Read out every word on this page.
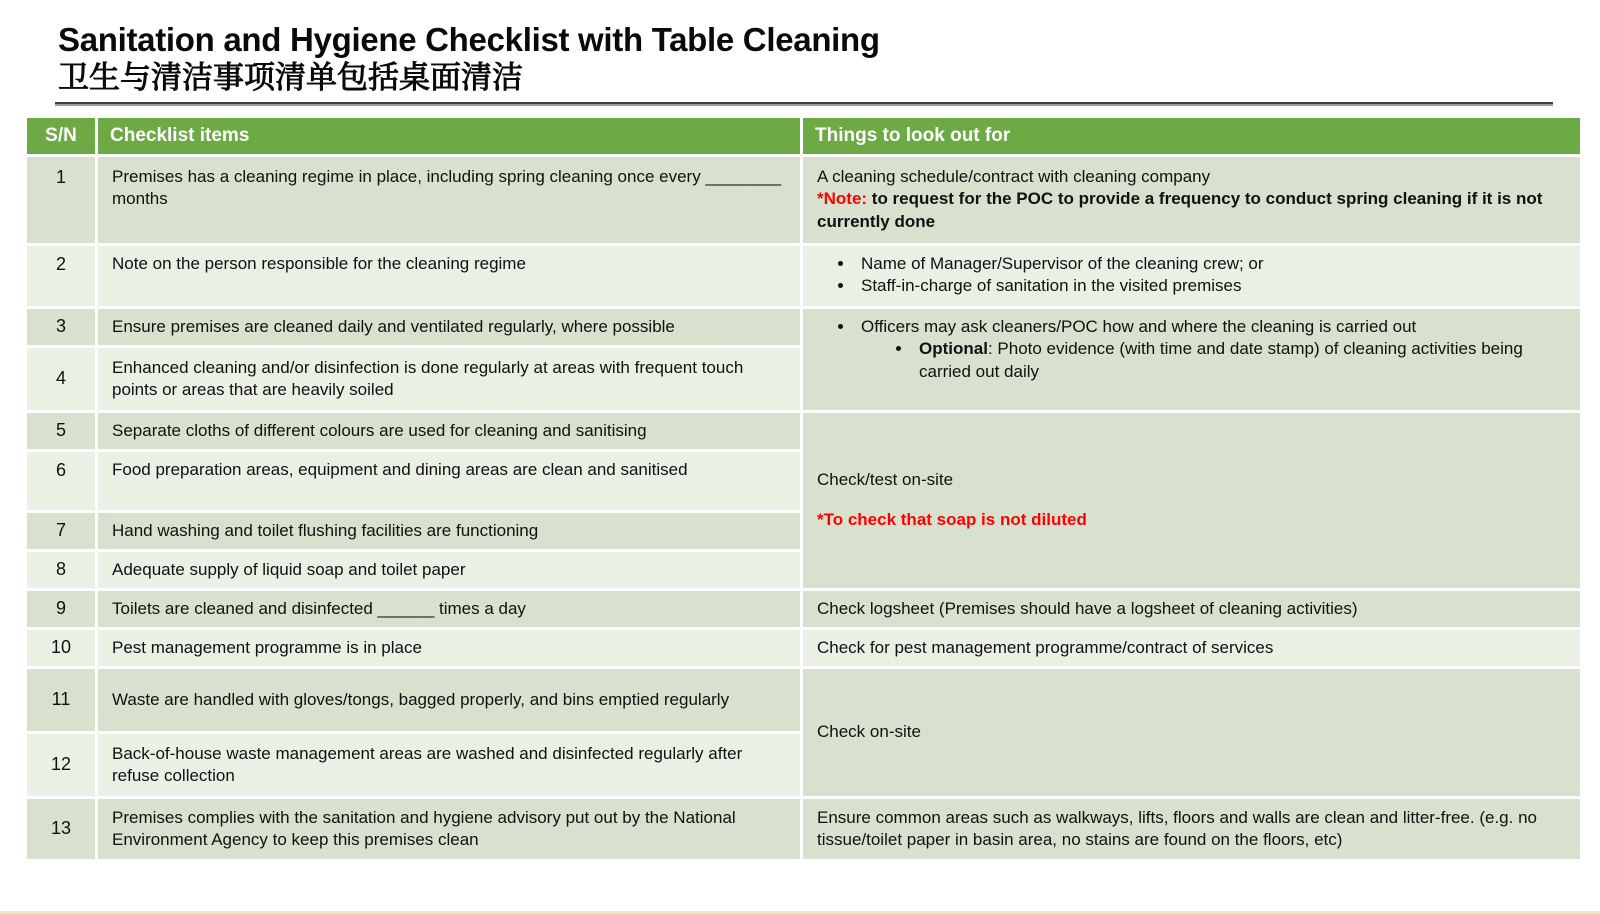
Sanitation and Hygiene Checklist with Table Cleaning
卫生与清洁事项清单包括桌面清洁
S/N	Checklist items	Things to look out for
1	Premises has a cleaning regime in place, including spring cleaning once every ________ months	A cleaning schedule/contract with cleaning company
*Note: to request for the POC to provide a frequency to conduct spring cleaning if it is not currently done

2	Note on the person responsible for the cleaning regime	
•Name of Manager/Supervisor of the cleaning crew; or
• Staff-in-charge of sanitation in the visited premises

3	Ensure premises are cleaned daily and ventilated regularly, where possible	
•Officers may ask cleaners/POC how and where the cleaning is carried out
• Optional: Photo evidence (with time and date stamp) of cleaning activities being carried out daily

4	Enhanced cleaning and/or disinfection is done regularly at areas with frequent touch points or areas that are heavily soiled	
5	Separate cloths of different colours are used for cleaning and sanitising	Check/test on-site
*To check that soap is not diluted

6	Food preparation areas, equipment and dining areas are clean and sanitised	
7	Hand washing and toilet flushing facilities are functioning	
8	Adequate supply of liquid soap and toilet paper	
9	Toilets are cleaned and disinfected ______ times a day	Check logsheet (Premises should have a logsheet of cleaning activities)
10	Pest management programme is in place	Check for pest management programme/contract of services
11	Waste are handled with gloves/tongs, bagged properly, and bins emptied regularly	Check on-site
12	Back-of-house waste management areas are washed and disinfected regularly after refuse collection	
13	Premises complies with the sanitation and hygiene advisory put out by the National Environment Agency to keep this premises clean	Ensure common areas such as walkways, lifts, floors and walls are clean and litter-free. (e.g. no tissue/toilet paper in basin area, no stains are found on the floors, etc)
